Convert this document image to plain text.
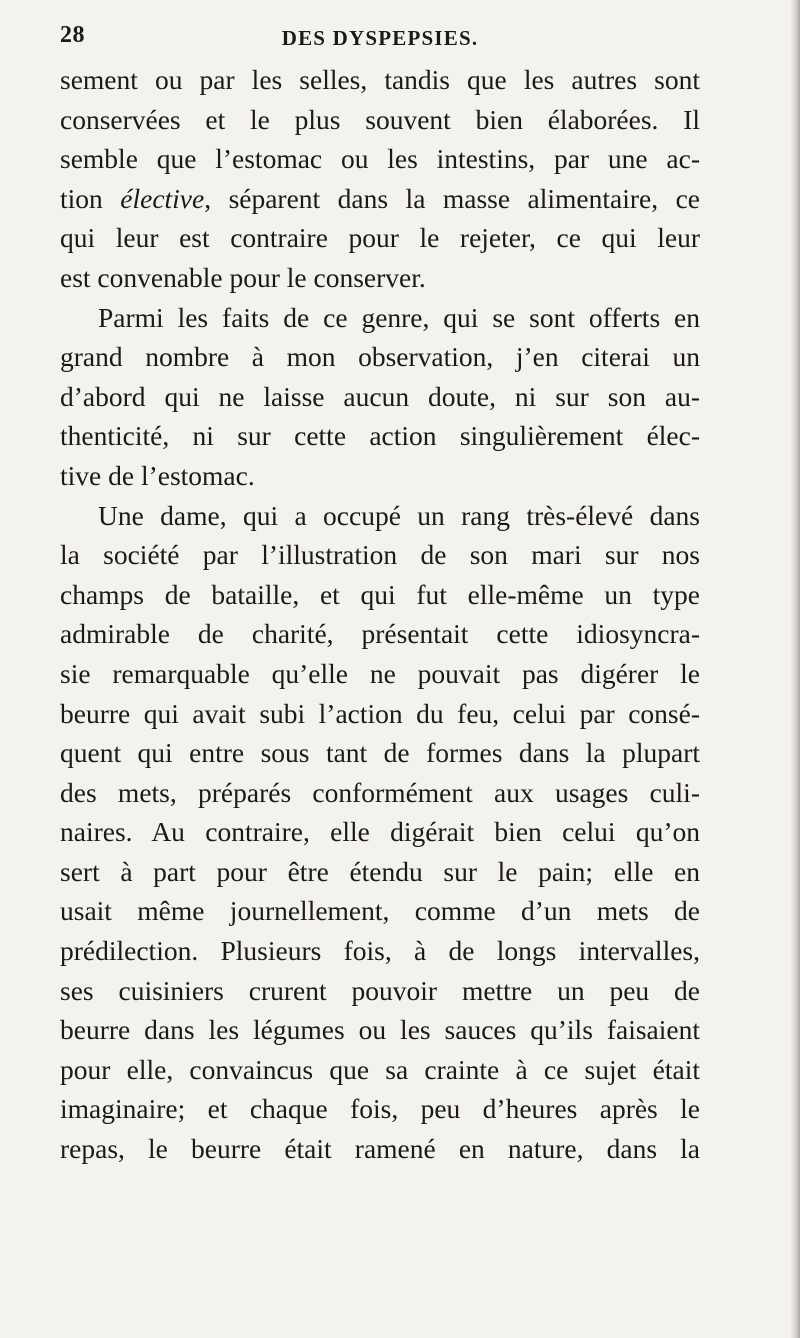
28	DES DYSPEPSIES.
sement ou par les selles, tandis que les autres sont
conservées et le plus souvent bien élaborées. Il
semble que l’estomac ou les intestins, par une ac-
tion élective, séparent dans la masse alimentaire, ce
qui leur est contraire pour le rejeter, ce qui leur
est convenable pour le conserver.
Parmi les faits de ce genre, qui se sont offerts en
grand nombre à mon observation, j’en citerai un
d’abord qui ne laisse aucun doute, ni sur son au-
thenticité, ni sur cette action singulièrement élec-
tive de l’estomac.
Une dame, qui a occupé un rang très-élevé dans
la société par l’illustration de son mari sur nos
champs de bataille, et qui fut elle-même un type
admirable de charité, présentait cette idiosyncra-
sie remarquable qu’elle ne pouvait pas digérer le
beurre qui avait subi l’action du feu, celui par consé-
quent qui entre sous tant de formes dans la plupart
des mets, préparés conformément aux usages culi-
naires. Au contraire, elle digérait bien celui qu’on
sert à part pour être étendu sur le pain; elle en
usait même journellement, comme d’un mets de
prédilection. Plusieurs fois, à de longs intervalles,
ses cuisiniers crurent pouvoir mettre un peu de
beurre dans les légumes ou les sauces qu’ils faisaient
pour elle, convaincus que sa crainte à ce sujet était
imaginaire; et chaque fois, peu d’heures après le
repas, le beurre était ramené en nature, dans la
